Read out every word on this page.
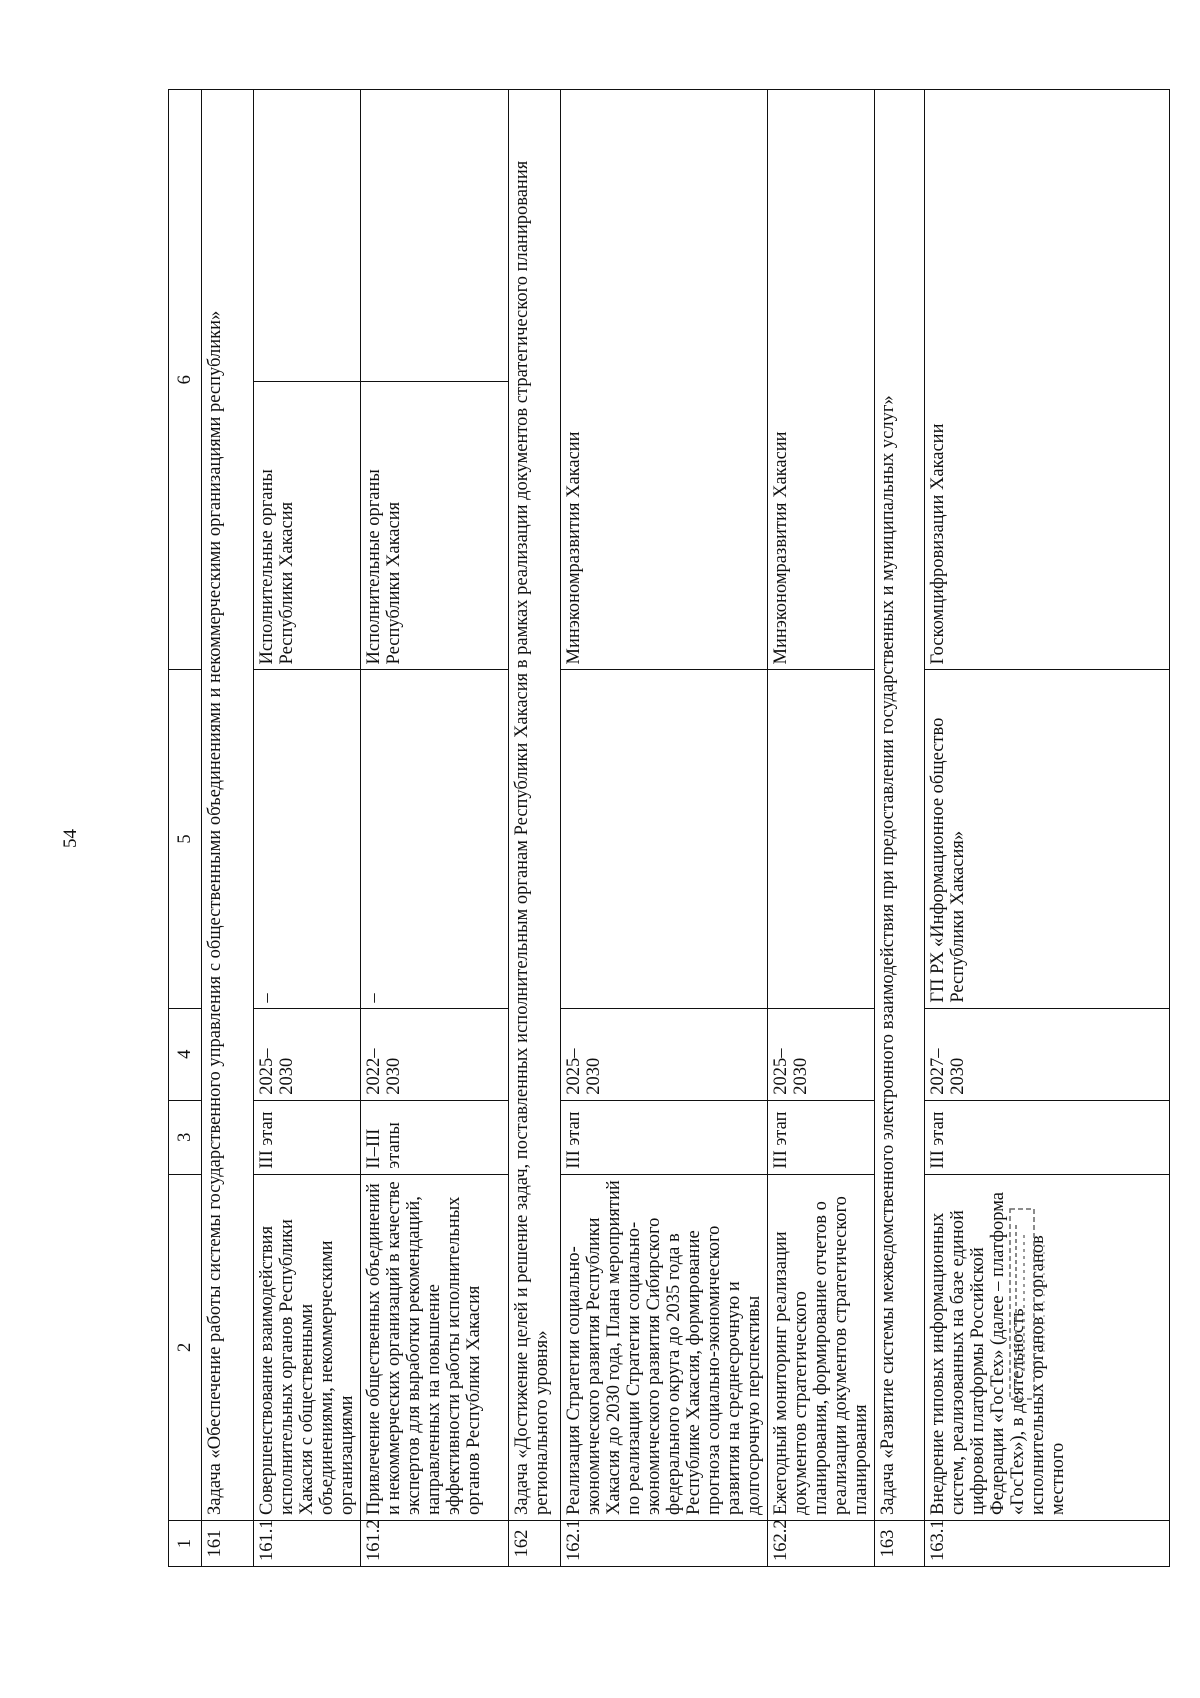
54
1	2	3	4	5	6	
161	Задача «Обеспечение работы системы государственного управления с общественными объединениями и некоммерческими организациями республики»					
161.1	Совершенствование взаимодействия исполнительных органов Республики Хакасия с общественными объединениями, некоммерческими организациями	III этап	2025–2030	–	Исполнительные органы Республики Хакасия	
161.2	Привлечение общественных объединений и некоммерческих организаций в качестве экспертов для выработки рекомендаций, направленных на повышение эффективности работы исполнительных органов Республики Хакасия	II–III этапы	2022–2030	–	Исполнительные органы Республики Хакасия	
162	Задача «Достижение целей и решение задач, поставленных исполнительным органам Республики Хакасия в рамках реализации документов стратегического планирования регионального уровня»					
162.1	Реализация Стратегии социально-экономического развития Республики Хакасия до 2030 года, Плана мероприятий по реализации Стратегии социально-экономического развития Сибирского федерального округа до 2035 года в Республике Хакасия, формирование прогноза социально-экономического развития на среднесрочную и долгосрочную перспективы	III этап	2025–2030		Минэкономразвития Хакасии	
162.2	Ежегодный мониторинг реализации документов стратегического планирования, формирование отчетов о реализации документов стратегического планирования	III этап	2025–2030		Минэкономразвития Хакасии	
163	Задача «Развитие системы межведомственного электронного взаимодействия при предоставлении государственных и муниципальных услуг»					
163.1	Внедрение типовых информационных систем, реализованных на базе единой цифровой платформы Российской Федерации «ГосТех» (далее – платформа «ГосТех»), в деятельность исполнительных органов и органов местного	III этап	2027–2030	ГП РХ «Информационное общество Республики Хакасия»	Госкомцифровизации Хакасии	
